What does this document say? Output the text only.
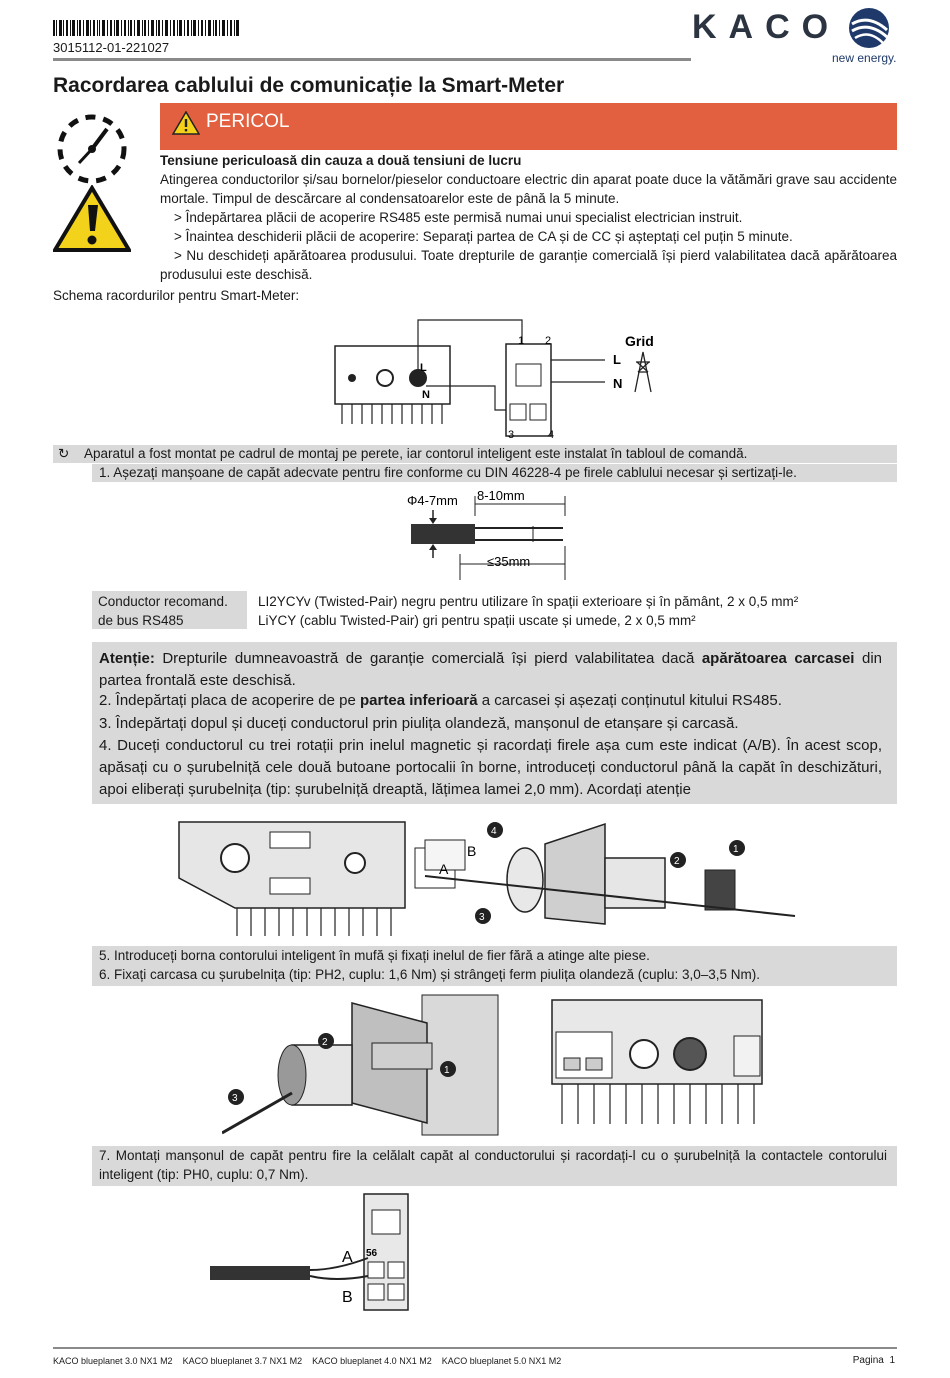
3015112-01-221027
KACO
new energy.
Racordarea cablului de comunicație la Smart-Meter
PERICOL
Tensiune periculoasă din cauza a două tensiuni de lucru
Atingerea conductorilor și/sau bornelor/pieselor conductoare electric din aparat poate duce la vătămări grave sau accidente mortale. Timpul de descărcare al condensatoarelor este de până la 5 minute.
> Îndepărtarea plăcii de acoperire RS485 este permisă numai unui specialist electrician instruit.
> Înaintea deschiderii plăcii de acoperire: Separați partea de CA și de CC și așteptați cel puțin 5 minute.
> Nu deschideți apărătoarea produsului. Toate drepturile de garanție comercială își pierd valabilitatea dacă apărătoarea produsului este deschisă.
Schema racordurilor pentru Smart-Meter:
L
N
1 2
3	4
L
N
Grid
↻ Aparatul a fost montat pe cadrul de montaj pe perete, iar contorul inteligent este instalat în tabloul de comandă.
1. Așezați manșoane de capăt adecvate pentru fire conforme cu DIN 46228-4 pe firele cablului necesar și sertizați-le.
Φ4-7mm 8-10mm
≤35mm
Conductor recomand. de bus RS485
LI2YCYv (Twisted-Pair) negru pentru utilizare în spații exterioare și în pământ, 2 x 0,5 mm²
LiYCY (cablu Twisted-Pair) gri pentru spații uscate și umede, 2 x 0,5 mm²
Atenție: Drepturile dumneavoastră de garanție comercială își pierd valabilitatea dacă apărătoarea carcasei din partea frontală este deschisă.
2. Îndepărtați placa de acoperire de pe partea inferioară a carcasei și așezați conținutul kitului RS485.
3. Îndepărtați dopul și duceți conductorul prin piulița olandeză, manșonul de etanșare și carcasă.
4. Duceți conductorul cu trei rotații prin inelul magnetic și racordați firele așa cum este indicat (A/B). În acest scop, apăsați cu o șurubelniță cele două butoane portocalii în borne, introduceți conductorul până la capăt în deschizături, apoi eliberați șurubelnița (tip: șurubelniță dreaptă, lățimea lamei 2,0 mm). Acordați atenție
B
A
4
3
2
1
5. Introduceți borna contorului inteligent în mufă și fixați inelul de fier fără a atinge alte piese.
6. Fixați carcasa cu șurubelnița (tip: PH2, cuplu: 1,6 Nm) și strângeți ferm piulița olandeză (cuplu: 3,0–3,5 Nm).
3
2
1
7. Montați manșonul de capăt pentru fire la celălalt capăt al conductorului și racordați-l cu o șurubelniță la contactele contorului inteligent (tip: PH0, cuplu: 0,7 Nm).
56
A
B
KACO blueplanet 3.0 NX1 M2    KACO blueplanet 3.7 NX1 M2    KACO blueplanet 4.0 NX1 M2    KACO blueplanet 5.0 NX1 M2	Pagina 1
